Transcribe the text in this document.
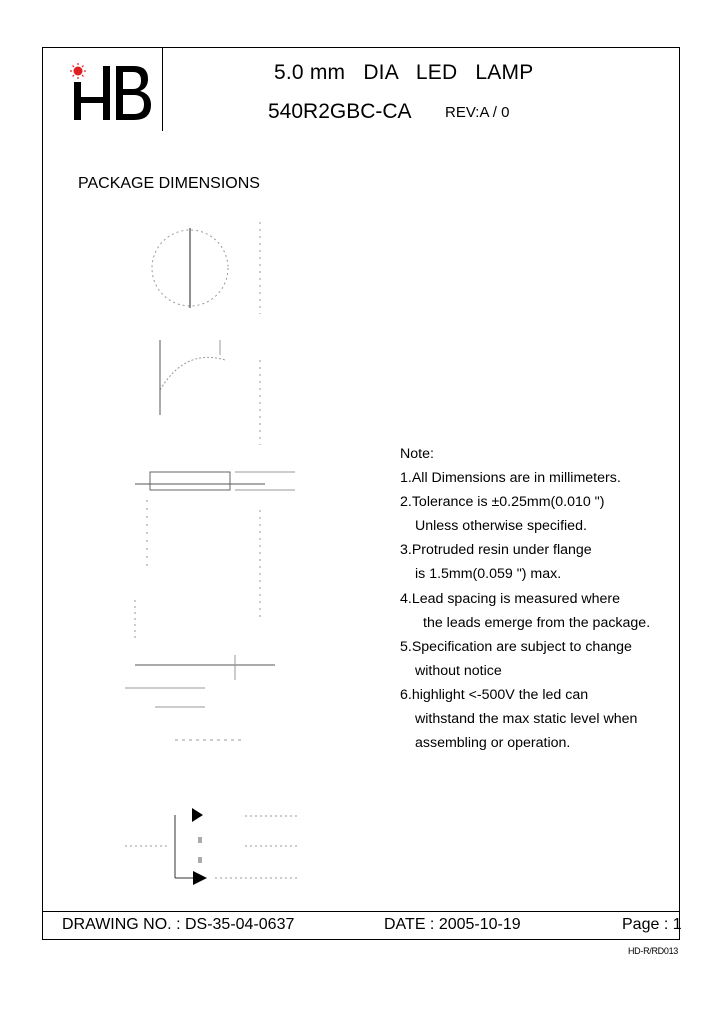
5.0 mm   DIA   LED   LAMP
540R2GBC-CA REV:A / 0
PACKAGE DIMENSIONS
Note:
1.All Dimensions are in millimeters.
2.Tolerance is ±0.25mm(0.010 ")
Unless otherwise specified.
3.Protruded resin under flange
is 1.5mm(0.059 ") max.
4.Lead spacing is measured where
the leads emerge from the package.
5.Specification are subject to change
without notice
6.highlight <-500V the led can
withstand the max static level when
assembling or operation.
DRAWING NO. : DS-35-04-0637	DATE : 2005-10-19	Page : 1
HD-R/RD013
